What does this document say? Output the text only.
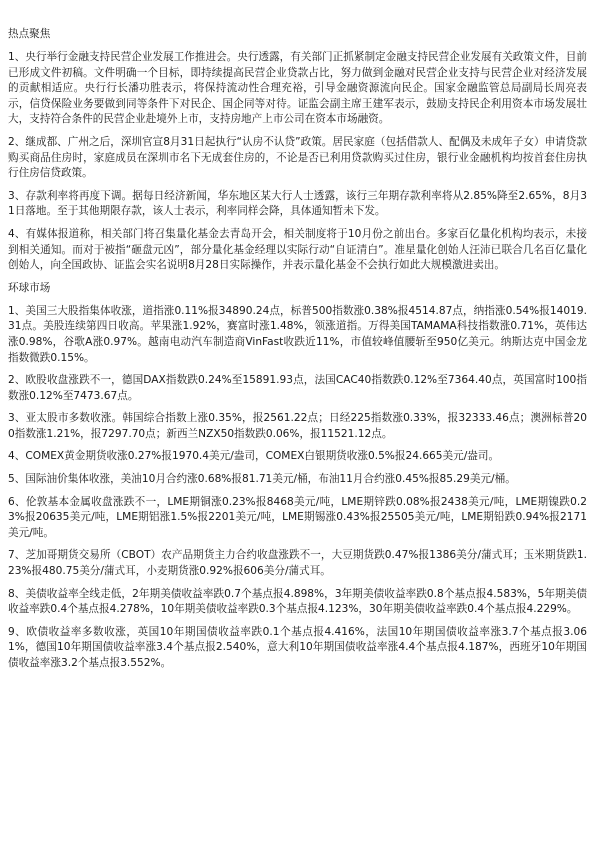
热点聚焦

1、央行举行金融支持民营企业发展工作推进会。央行透露，有关部门正抓紧制定金融支持民营企业发展有关政策文件，目前已形成文件初稿。文件明确一个目标，即持续提高民营企业贷款占比，努力做到金融对民营企业支持与民营企业对经济发展的贡献相适应。央行行长潘功胜表示，将保持流动性合理充裕，引导金融资源流向民企。国家金融监管总局副局长周亮表示，信贷保险业务要做到同等条件下对民企、国企同等对待。证监会副主席王建军表示，鼓励支持民企利用资本市场发展壮大，支持符合条件的民营企业赴境外上市，支持房地产上市公司在资本市场融资。

2、继成都、广州之后，深圳官宣8月31日起执行“认房不认贷”政策。居民家庭（包括借款人、配偶及未成年子女）申请贷款购买商品住房时，家庭成员在深圳市名下无成套住房的，不论是否已利用贷款购买过住房，银行业金融机构均按首套住房执行住房信贷政策。

3、存款利率将再度下调。据每日经济新闻，华东地区某大行人士透露，该行三年期存款利率将从2.85%降至2.65%，8月31日落地。至于其他期限存款，该人士表示，利率同样会降，具体通知暂未下发。

4、有媒体报道称，相关部门将召集量化基金去青岛开会，相关制度将于10月份之前出台。多家百亿量化机构均表示，未接到相关通知。而对于被指“砸盘元凶”，部分量化基金经理以实际行动“自证清白”。准星量化创始人汪沛已联合几名百亿量化创始人，向全国政协、证监会实名说明8月28日实际操作，并表示量化基金不会执行如此大规模激进卖出。

环球市场

1、美国三大股指集体收涨，道指涨0.11%报34890.24点，标普500指数涨0.38%报4514.87点，纳指涨0.54%报14019.31点。美股连续第四日收高。苹果涨1.92%，赛富时涨1.48%，领涨道指。万得美国TAMAMA科技指数涨0.71%，英伟达涨0.98%，谷歌A涨0.97%。越南电动汽车制造商VinFast收跌近11%，市值较峰值腰斩至950亿美元。纳斯达克中国金龙指数微跌0.15%。

2、欧股收盘涨跌不一，德国DAX指数跌0.24%至15891.93点，法国CAC40指数跌0.12%至7364.40点，英国富时100指数涨0.12%至7473.67点。

3、亚太股市多数收涨。韩国综合指数上涨0.35%，报2561.22点；日经225指数涨0.33%，报32333.46点；澳洲标普200指数涨1.21%，报7297.70点；新西兰NZX50指数跌0.06%，报11521.12点。

4、COMEX黄金期货收涨0.27%报1970.4美元/盎司，COMEX白银期货收涨0.5%报24.665美元/盎司。

5、国际油价集体收涨，美油10月合约涨0.68%报81.71美元/桶，布油11月合约涨0.45%报85.29美元/桶。

6、伦敦基本金属收盘涨跌不一，LME期铜涨0.23%报8468美元/吨，LME期锌跌0.08%报2438美元/吨，LME期镍跌0.23%报20635美元/吨，LME期铝涨1.5%报2201美元/吨，LME期锡涨0.43%报25505美元/吨，LME期铅跌0.94%报2171美元/吨。

7、芝加哥期货交易所（CBOT）农产品期货主力合约收盘涨跌不一，大豆期货跌0.47%报1386美分/蒲式耳；玉米期货跌1.23%报480.75美分/蒲式耳，小麦期货涨0.92%报606美分/蒲式耳。

8、美债收益率全线走低，2年期美债收益率跌0.7个基点报4.898%，3年期美债收益率跌0.8个基点报4.583%，5年期美债收益率跌0.4个基点报4.278%，10年期美债收益率跌0.3个基点报4.123%，30年期美债收益率跌0.4个基点报4.229%。

9、欧债收益率多数收涨，英国10年期国债收益率跌0.1个基点报4.416%，法国10年期国债收益率涨3.7个基点报3.061%，德国10年期国债收益率涨3.4个基点报2.540%，意大利10年期国债收益率涨4.4个基点报4.187%，西班牙10年期国债收益率涨3.2个基点报3.552%。
